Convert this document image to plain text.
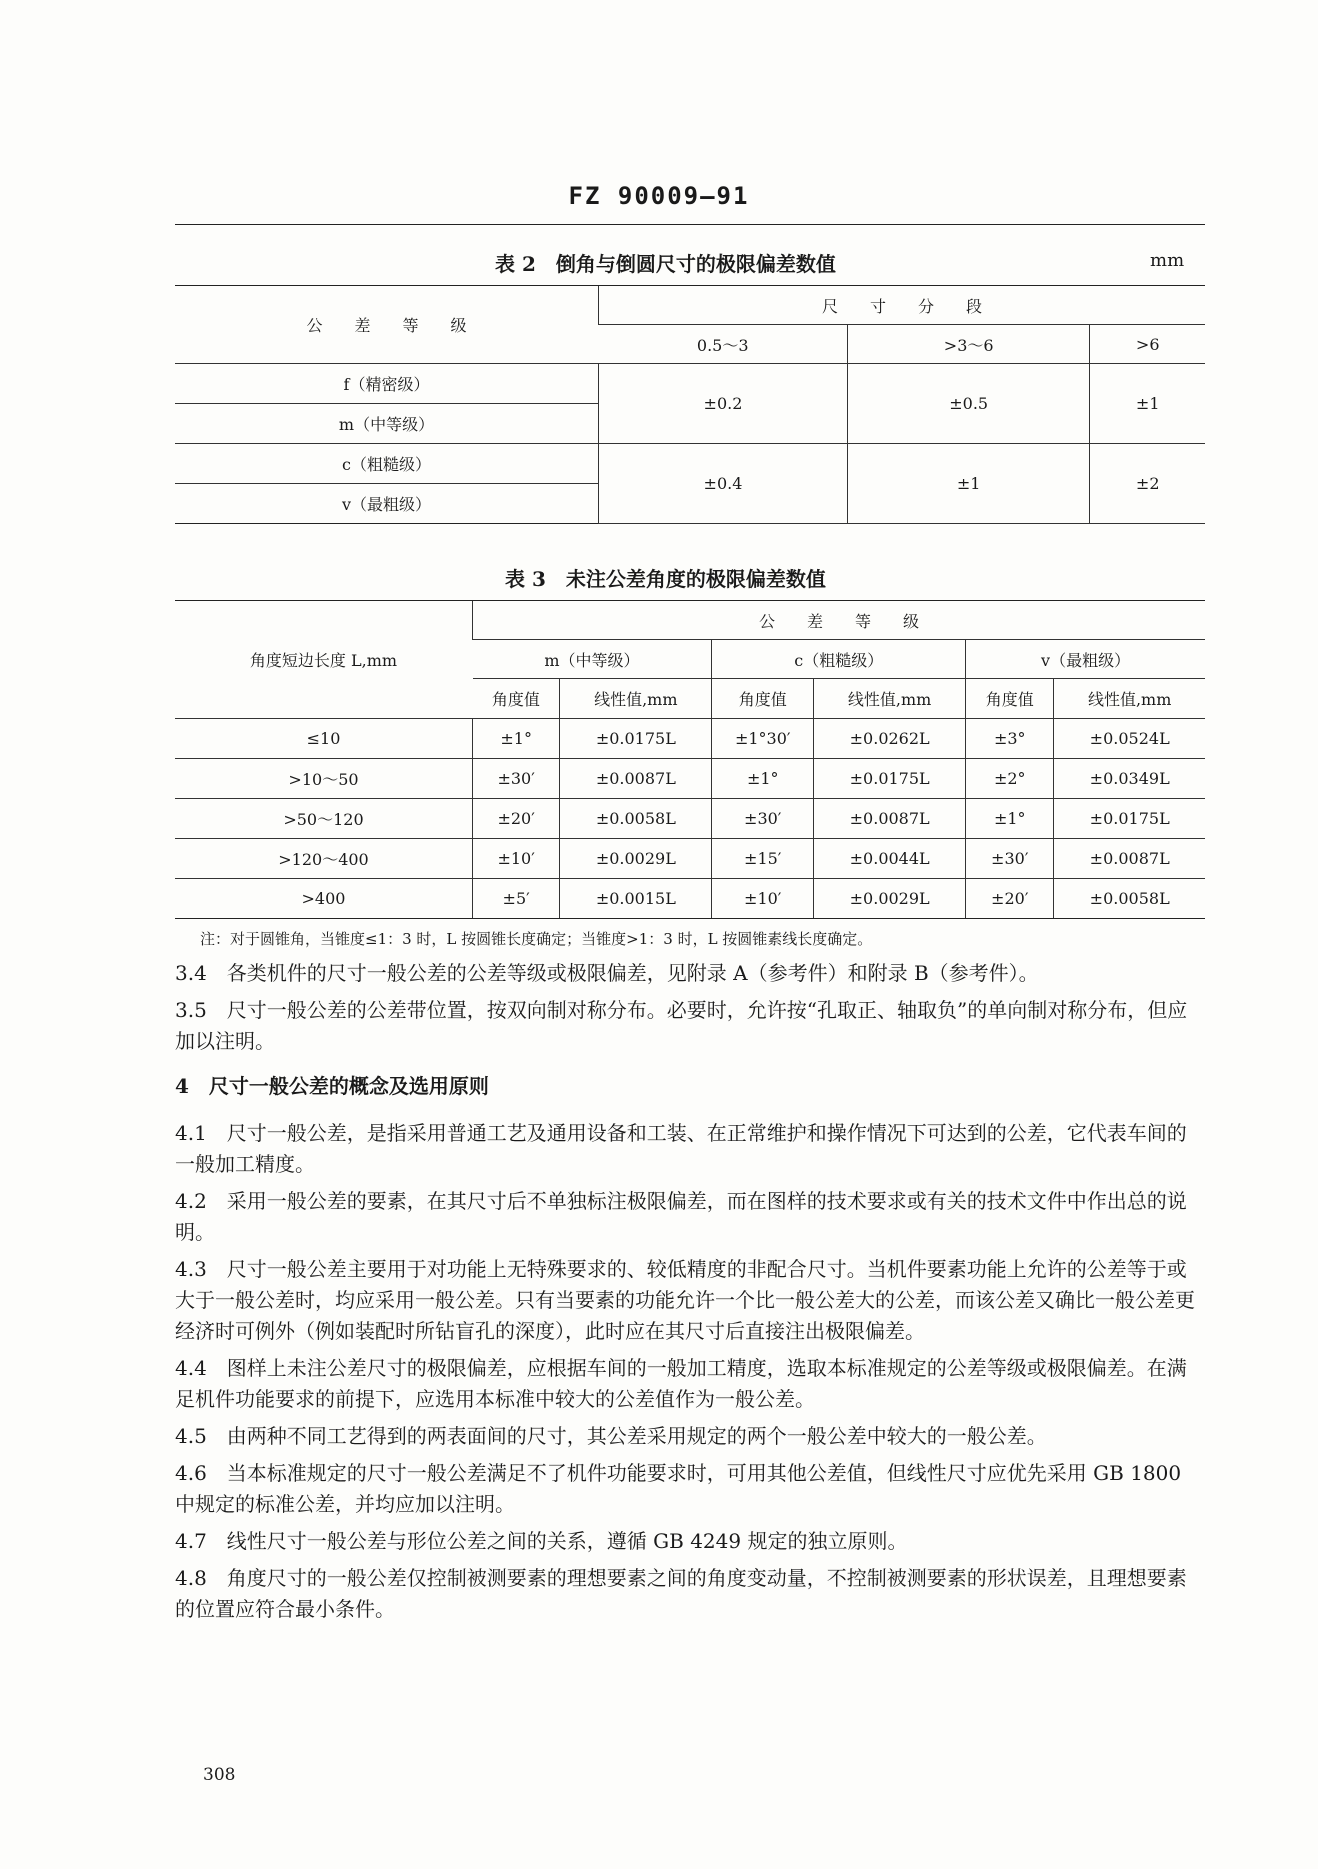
FZ 90009—91
表 2　倒角与倒圆尺寸的极限偏差数值	mm
公　　差　　等　　级	尺　　寸　　分　　段		
	0.5～3	>3～6	>6
f（精密级）	±0.2	±0.5	±1
m（中等级）			
c（粗糙级）	±0.4	±1	±2
v（最粗级）			
表 3　未注公差角度的极限偏差数值
角度短边长度 L,mm	公　　差　　等　　级					
	m（中等级）		c（粗糙级）		v（最粗级）	
	角度值	线性值,mm	角度值	线性值,mm	角度值	线性值,mm
≤10	±1°	±0.0175L	±1°30′	±0.0262L	±3°	±0.0524L
>10～50	±30′	±0.0087L	±1°	±0.0175L	±2°	±0.0349L
>50～120	±20′	±0.0058L	±30′	±0.0087L	±1°	±0.0175L
>120～400	±10′	±0.0029L	±15′	±0.0044L	±30′	±0.0087L
>400	±5′	±0.0015L	±10′	±0.0029L	±20′	±0.0058L
注：对于圆锥角，当锥度≤1：3 时，L 按圆锥长度确定；当锥度>1：3 时，L 按圆锥素线长度确定。

3.4　各类机件的尺寸一般公差的公差等级或极限偏差，见附录 A（参考件）和附录 B（参考件）。

3.5　尺寸一般公差的公差带位置，按双向制对称分布。必要时，允许按“孔取正、轴取负”的单向制对称分布，但应加以注明。

4　尺寸一般公差的概念及选用原则

4.1　尺寸一般公差，是指采用普通工艺及通用设备和工装、在正常维护和操作情况下可达到的公差，它代表车间的一般加工精度。

4.2　采用一般公差的要素，在其尺寸后不单独标注极限偏差，而在图样的技术要求或有关的技术文件中作出总的说明。

4.3　尺寸一般公差主要用于对功能上无特殊要求的、较低精度的非配合尺寸。当机件要素功能上允许的公差等于或大于一般公差时，均应采用一般公差。只有当要素的功能允许一个比一般公差大的公差，而该公差又确比一般公差更经济时可例外（例如装配时所钻盲孔的深度），此时应在其尺寸后直接注出极限偏差。

4.4　图样上未注公差尺寸的极限偏差，应根据车间的一般加工精度，选取本标准规定的公差等级或极限偏差。在满足机件功能要求的前提下，应选用本标准中较大的公差值作为一般公差。

4.5　由两种不同工艺得到的两表面间的尺寸，其公差采用规定的两个一般公差中较大的一般公差。

4.6　当本标准规定的尺寸一般公差满足不了机件功能要求时，可用其他公差值，但线性尺寸应优先采用 GB 1800 中规定的标准公差，并均应加以注明。

4.7　线性尺寸一般公差与形位公差之间的关系，遵循 GB 4249 规定的独立原则。

4.8　角度尺寸的一般公差仅控制被测要素的理想要素之间的角度变动量，不控制被测要素的形状误差，且理想要素的位置应符合最小条件。

308
